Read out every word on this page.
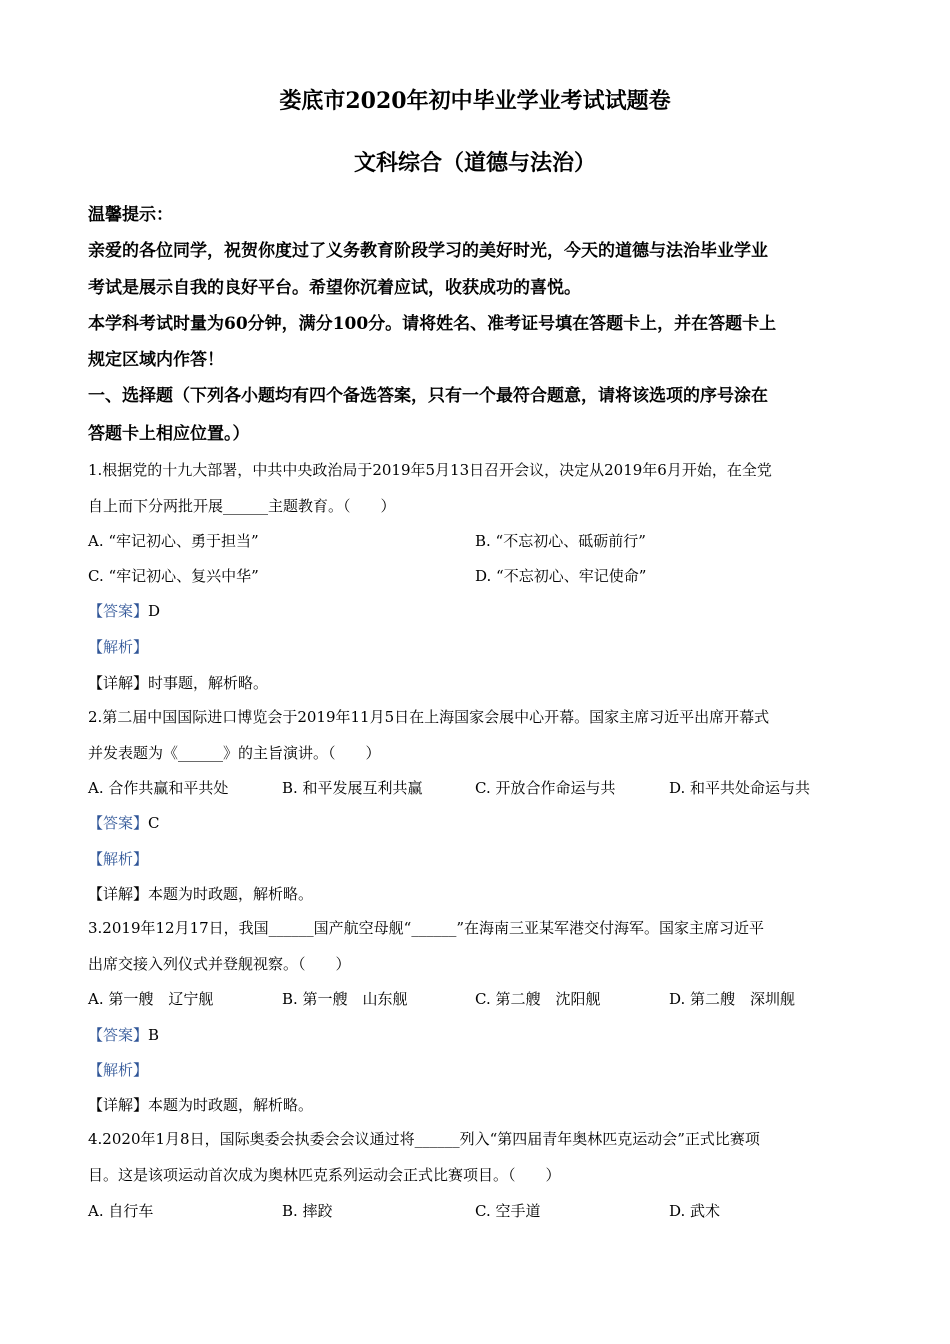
娄底市2020年初中毕业学业考试试题卷
文科综合（道德与法治）
温馨提示：
亲爱的各位同学，祝贺你度过了义务教育阶段学习的美好时光，今天的道德与法治毕业学业
考试是展示自我的良好平台。希望你沉着应试，收获成功的喜悦。
本学科考试时量为60分钟，满分100分。请将姓名、准考证号填在答题卡上，并在答题卡上
规定区域内作答！
一、选择题（下列各小题均有四个备选答案，只有一个最符合题意，请将该选项的序号涂在
答题卡上相应位置。）
1.根据党的十九大部署，中共中央政治局于2019年5月13日召开会议，决定从2019年6月开始，在全党
自上而下分两批开展______主题教育。（　　）
A. “牢记初心、勇于担当”	B. “不忘初心、砥砺前行”
C. “牢记初心、复兴中华”	D. “不忘初心、牢记使命”
【答案】D
【解析】
【详解】时事题，解析略。
2.第二届中国国际进口博览会于2019年11月5日在上海国家会展中心开幕。国家主席习近平出席开幕式
并发表题为《______》的主旨演讲。（　　）
A. 合作共赢和平共处	B. 和平发展互利共赢	C. 开放合作命运与共	D. 和平共处命运与共
【答案】C
【解析】
【详解】本题为时政题，解析略。
3.2019年12月17日，我国______国产航空母舰“______”在海南三亚某军港交付海军。国家主席习近平
出席交接入列仪式并登舰视察。（　　）
A. 第一艘　辽宁舰	B. 第一艘　山东舰	C. 第二艘　沈阳舰	D. 第二艘　深圳舰
【答案】B
【解析】
【详解】本题为时政题，解析略。
4.2020年1月8日，国际奥委会执委会会议通过将______列入“第四届青年奥林匹克运动会”正式比赛项
目。这是该项运动首次成为奥林匹克系列运动会正式比赛项目。（　　）
A. 自行车	B. 摔跤	C. 空手道	D. 武术
